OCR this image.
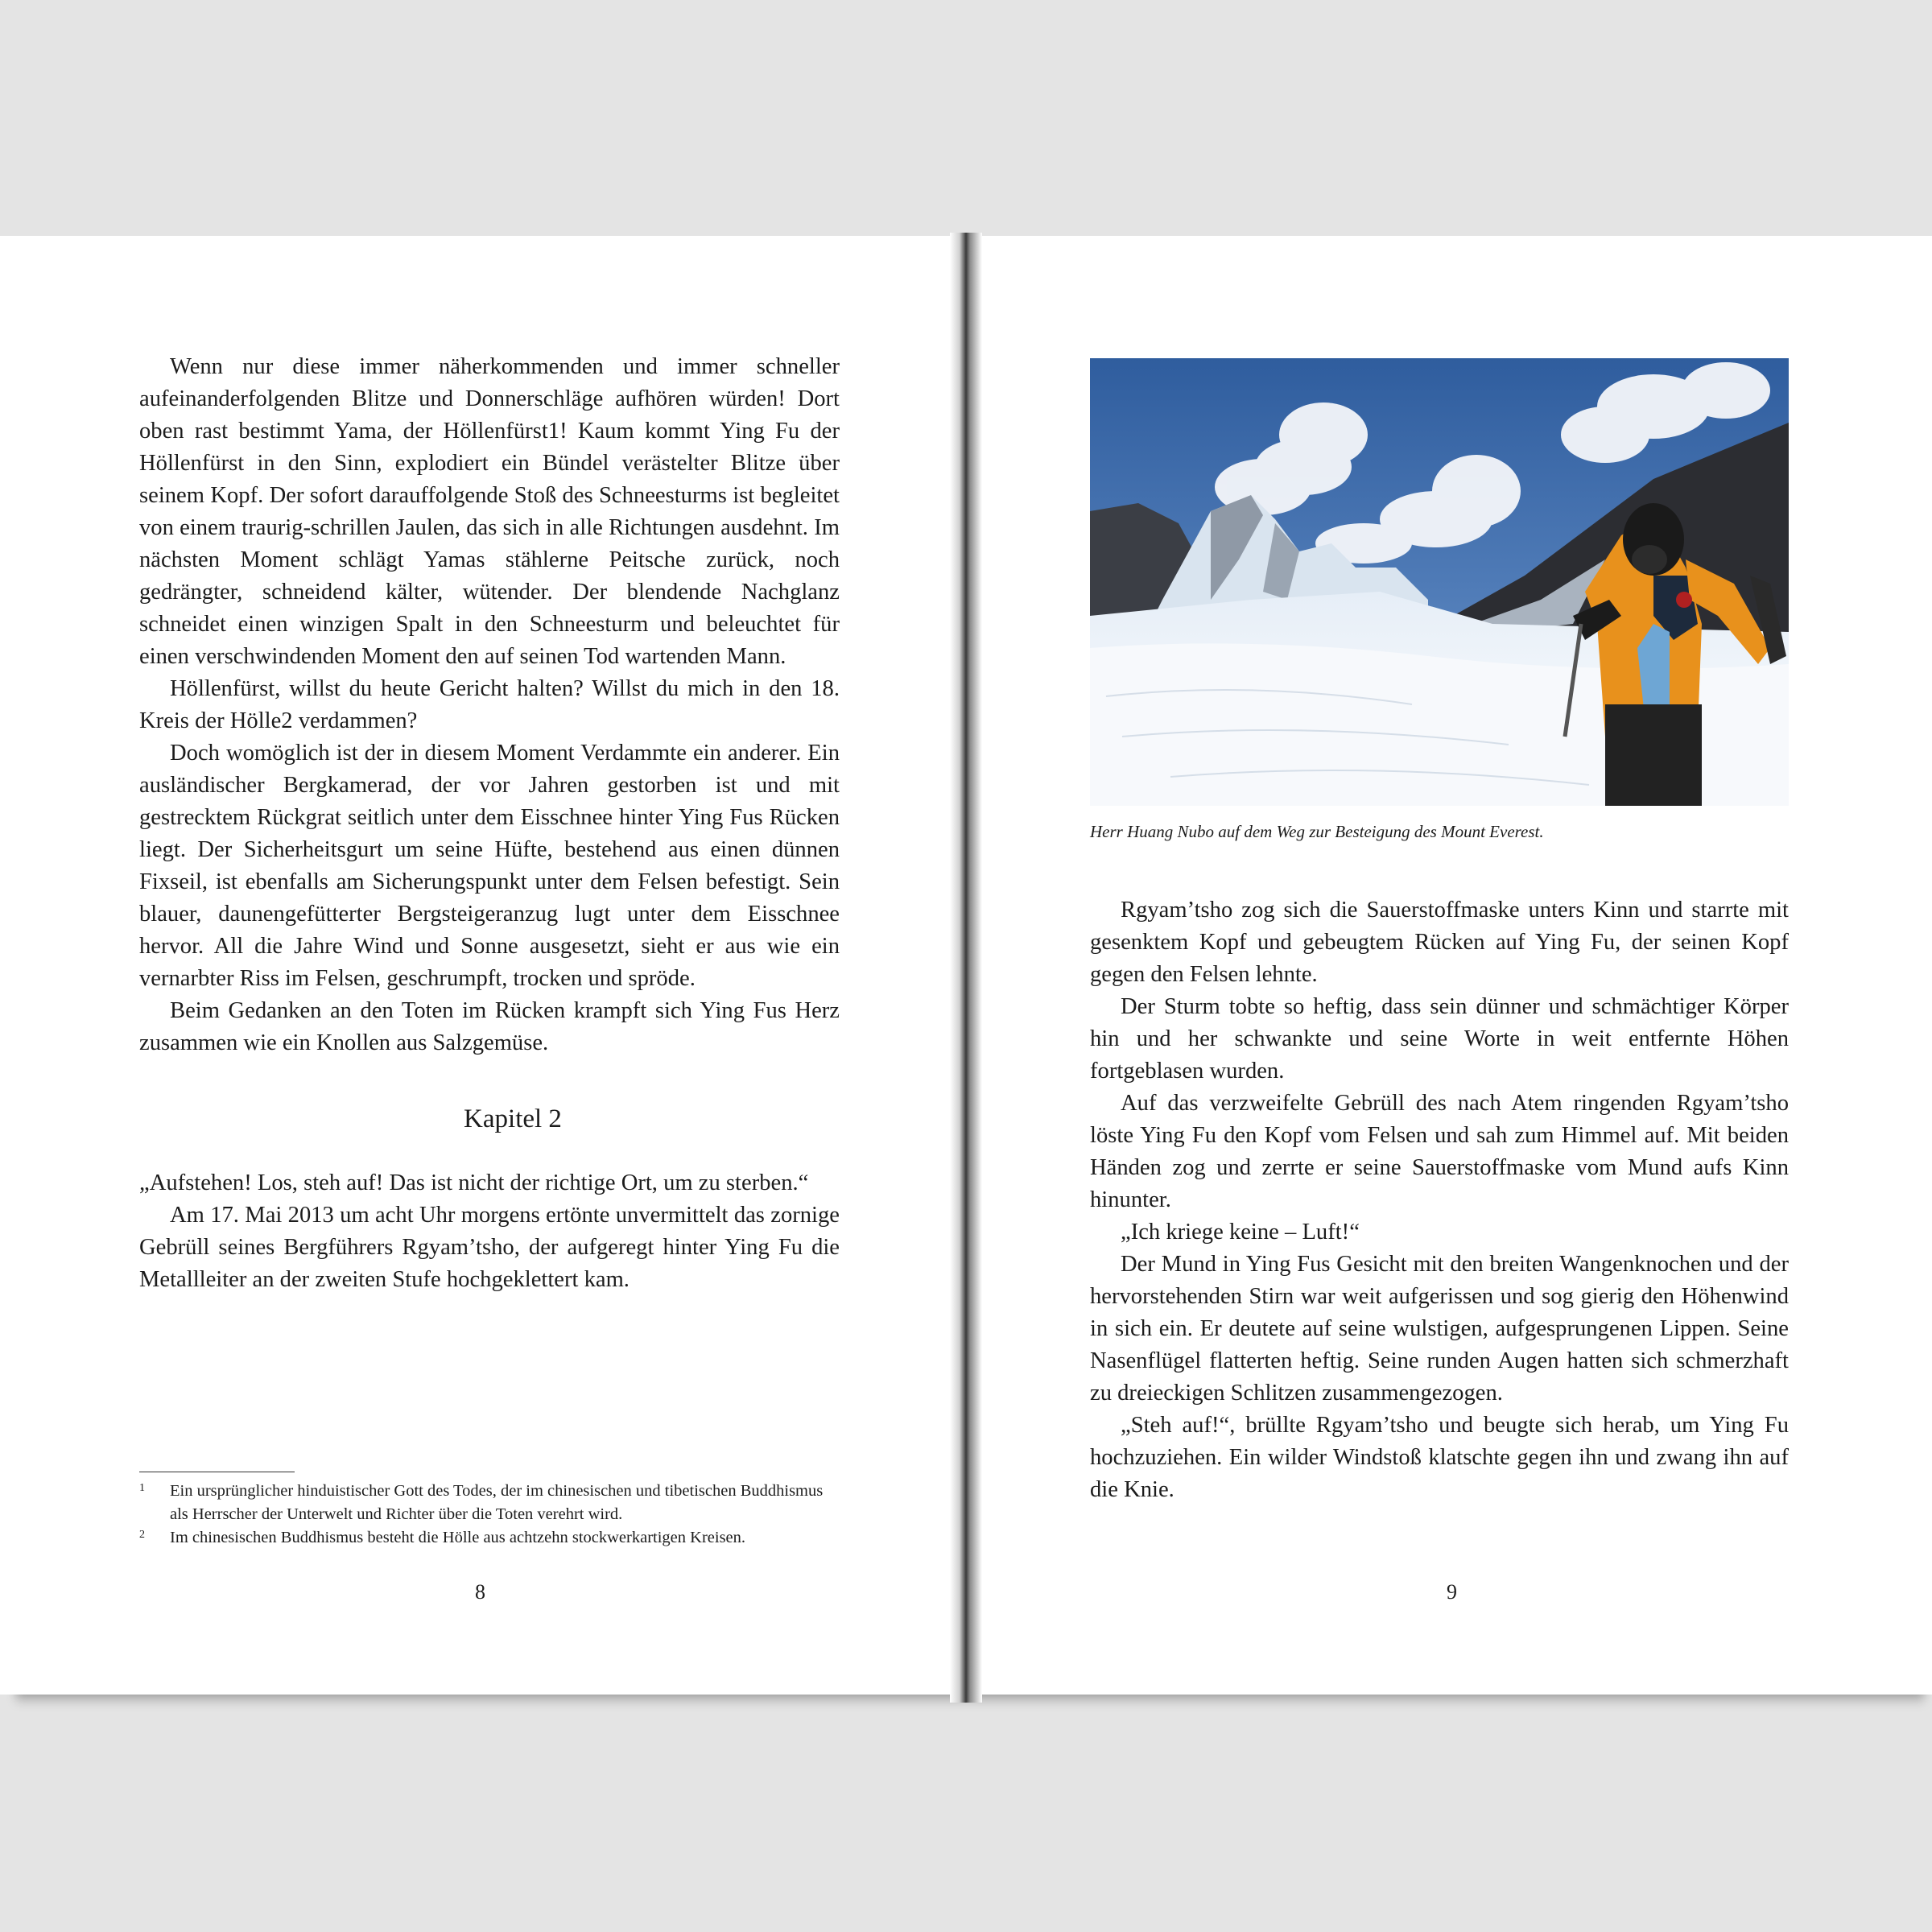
Wenn nur diese immer näherkommenden und immer schneller aufeinanderfolgenden Blitze und Donnerschläge aufhören würden! Dort oben rast bestimmt Yama, der Höllenfürst1! Kaum kommt Ying Fu der Höllenfürst in den Sinn, explodiert ein Bündel verästelter Blitze über seinem Kopf. Der sofort darauffolgende Stoß des Schneesturms ist begleitet von einem traurig-schrillen Jaulen, das sich in alle Richtungen ausdehnt. Im nächsten Moment schlägt Yamas stählerne Peitsche zurück, noch gedrängter, schneidend kälter, wütender. Der blendende Nachglanz schneidet einen winzigen Spalt in den Schneesturm und beleuchtet für einen verschwindenden Moment den auf seinen Tod wartenden Mann.

Höllenfürst, willst du heute Gericht halten? Willst du mich in den 18. Kreis der Hölle2 verdammen?

Doch womöglich ist der in diesem Moment Verdammte ein anderer. Ein ausländischer Bergkamerad, der vor Jahren gestorben ist und mit gestrecktem Rückgrat seitlich unter dem Eisschnee hinter Ying Fus Rücken liegt. Der Sicherheitsgurt um seine Hüfte, bestehend aus einen dünnen Fixseil, ist ebenfalls am Sicherungspunkt unter dem Felsen befestigt. Sein blauer, daunengefütterter Bergsteigeranzug lugt unter dem Eisschnee hervor. All die Jahre Wind und Sonne ausgesetzt, sieht er aus wie ein vernarbter Riss im Felsen, geschrumpft, trocken und spröde.

Beim Gedanken an den Toten im Rücken krampft sich Ying Fus Herz zusammen wie ein Knollen aus Salzgemüse.

Kapitel 2

„Aufstehen! Los, steh auf! Das ist nicht der richtige Ort, um zu sterben.“

Am 17. Mai 2013 um acht Uhr morgens ertönte unvermittelt das zornige Gebrüll seines Bergführers Rgyam’tsho, der aufgeregt hinter Ying Fu die Metallleiter an der zweiten Stufe hochgeklettert kam.

1 Ein ursprünglicher hinduistischer Gott des Todes, der im chinesischen und tibetischen Buddhismus als Herrscher der Unterwelt und Richter über die Toten verehrt wird.
2 Im chinesischen Buddhismus besteht die Hölle aus achtzehn stockwerkartigen Kreisen.
8
Herr Huang Nubo auf dem Weg zur Besteigung des Mount Everest.

Rgyam’tsho zog sich die Sauerstoffmaske unters Kinn und starrte mit gesenktem Kopf und gebeugtem Rücken auf Ying Fu, der seinen Kopf gegen den Felsen lehnte.

Der Sturm tobte so heftig, dass sein dünner und schmächtiger Körper hin und her schwankte und seine Worte in weit entfernte Höhen fortgeblasen wurden.

Auf das verzweifelte Gebrüll des nach Atem ringenden Rgyam’tsho löste Ying Fu den Kopf vom Felsen und sah zum Himmel auf. Mit beiden Händen zog und zerrte er seine Sauerstoffmaske vom Mund aufs Kinn hinunter.

„Ich kriege keine – Luft!“

Der Mund in Ying Fus Gesicht mit den breiten Wangenknochen und der hervorstehenden Stirn war weit aufgerissen und sog gierig den Höhenwind in sich ein. Er deutete auf seine wulstigen, aufgesprungenen Lippen. Seine Nasenflügel flatterten heftig. Seine runden Augen hatten sich schmerzhaft zu dreieckigen Schlitzen zusammengezogen.

„Steh auf!“, brüllte Rgyam’tsho und beugte sich herab, um Ying Fu hochzuziehen. Ein wilder Windstoß klatschte gegen ihn und zwang ihn auf die Knie.

9
